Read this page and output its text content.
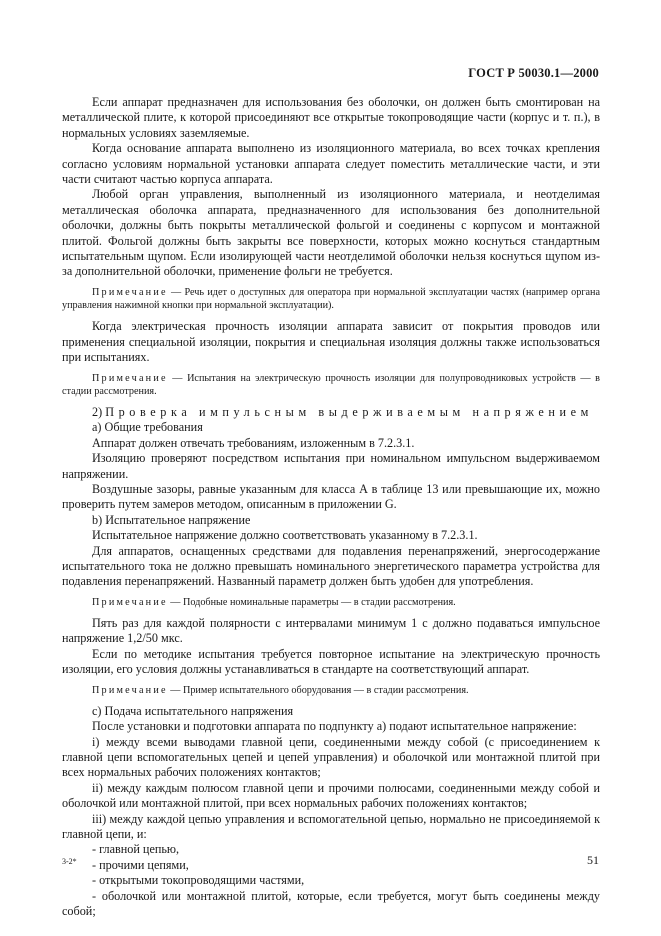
ГОСТ Р 50030.1—2000

Если аппарат предназначен для использования без оболочки, он должен быть смонтирован на металлической плите, к которой присоединяют все открытые токопроводящие части (корпус и т. п.), в нормальных условиях заземляемые.

Когда основание аппарата выполнено из изоляционного материала, во всех точках крепления согласно условиям нормальной установки аппарата следует поместить металлические части, и эти части считают частью корпуса аппарата.

Любой орган управления, выполненный из изоляционного материала, и неотделимая металлическая оболочка аппарата, предназначенного для использования без дополнительной оболочки, должны быть покрыты металлической фольгой и соединены с корпусом и монтажной плитой. Фольгой должны быть закрыты все поверхности, которых можно коснуться стандартным испытательным щупом. Если изолирующей части неотделимой оболочки нельзя коснуться щупом из-за дополнительной оболочки, применение фольги не требуется.

Примечание — Речь идет о доступных для оператора при нормальной эксплуатации частях (например органа управления нажимной кнопки при нормальной эксплуатации).

Когда электрическая прочность изоляции аппарата зависит от покрытия проводов или применения специальной изоляции, покрытия и специальная изоляция должны также использоваться при испытаниях.

Примечание — Испытания на электрическую прочность изоляции для полупроводниковых устройств — в стадии рассмотрения.

2) Проверка импульсным выдерживаемым напряжением

а) Общие требования

Аппарат должен отвечать требованиям, изложенным в 7.2.3.1.

Изоляцию проверяют посредством испытания при номинальном импульсном выдерживаемом напряжении.

Воздушные зазоры, равные указанным для класса А в таблице 13 или превышающие их, можно проверить путем замеров методом, описанным в приложении G.

b) Испытательное напряжение

Испытательное напряжение должно соответствовать указанному в 7.2.3.1.

Для аппаратов, оснащенных средствами для подавления перенапряжений, энергосодержание испытательного тока не должно превышать номинального энергетического параметра устройства для подавления перенапряжений. Названный параметр должен быть удобен для употребления.

Примечание — Подобные номинальные параметры — в стадии рассмотрения.

Пять раз для каждой полярности с интервалами минимум 1 с должно подаваться импульсное напряжение 1,2/50 мкс.

Если по методике испытания требуется повторное испытание на электрическую прочность изоляции, его условия должны устанавливаться в стандарте на соответствующий аппарат.

Примечание — Пример испытательного оборудования — в стадии рассмотрения.

с) Подача испытательного напряжения

После установки и подготовки аппарата по подпункту а) подают испытательное напряжение:

i) между всеми выводами главной цепи, соединенными между собой (с присоединением к главной цепи вспомогательных цепей и цепей управления) и оболочкой или монтажной плитой при всех нормальных рабочих положениях контактов;

ii) между каждым полюсом главной цепи и прочими полюсами, соединенными между собой и оболочкой или монтажной плитой, при всех нормальных рабочих положениях контактов;

iii) между каждой цепью управления и вспомогательной цепью, нормально не присоединяемой к главной цепи, и:

- главной цепью,

- прочими цепями,

- открытыми токопроводящими частями,

- оболочкой или монтажной плитой, которые, если требуется, могут быть соединены между собой;

3-2*	51
